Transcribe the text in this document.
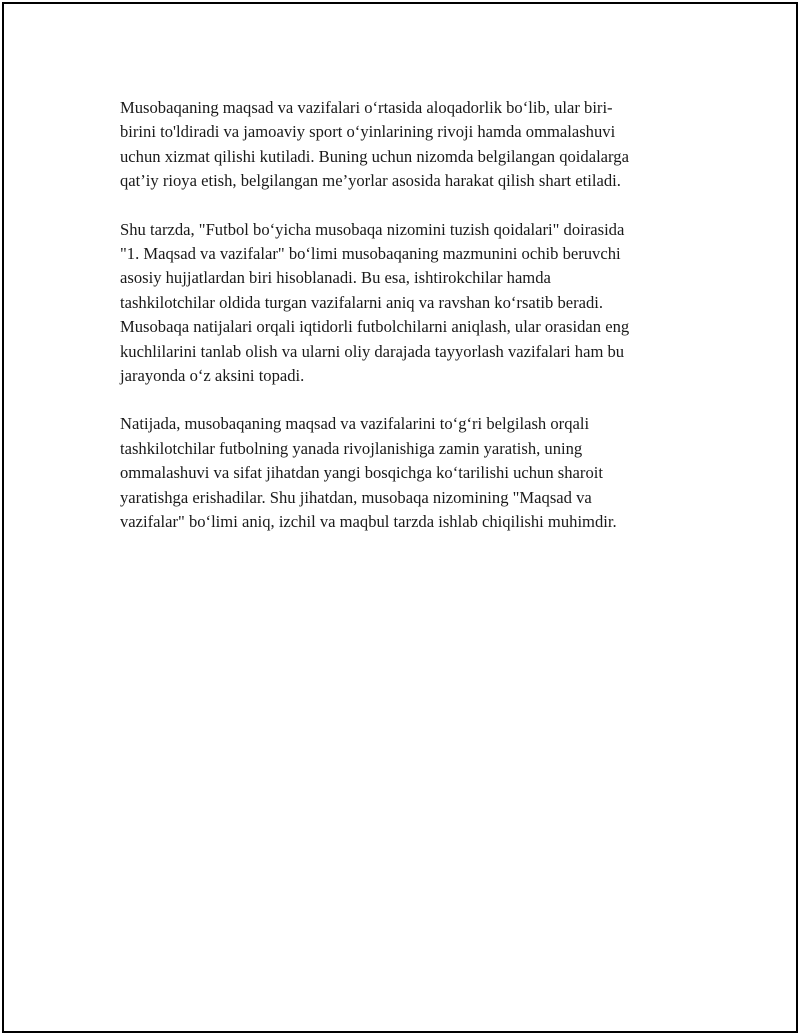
Musobaqaning maqsad va vazifalari o‘rtasida aloqadorlik bo‘lib, ular biri-
birini to'ldiradi va jamoaviy sport o‘yinlarining rivoji hamda ommalashuvi
uchun xizmat qilishi kutiladi. Buning uchun nizomda belgilangan qoidalarga
qat’iy rioya etish, belgilangan me’yorlar asosida harakat qilish shart etiladi.

Shu tarzda, "Futbol bo‘yicha musobaqa nizomini tuzish qoidalari" doirasida
"1. Maqsad va vazifalar" bo‘limi musobaqaning mazmunini ochib beruvchi
asosiy hujjatlardan biri hisoblanadi. Bu esa, ishtirokchilar hamda
tashkilotchilar oldida turgan vazifalarni aniq va ravshan ko‘rsatib beradi.
Musobaqa natijalari orqali iqtidorli futbolchilarni aniqlash, ular orasidan eng
kuchlilarini tanlab olish va ularni oliy darajada tayyorlash vazifalari ham bu
jarayonda o‘z aksini topadi.

Natijada, musobaqaning maqsad va vazifalarini to‘g‘ri belgilash orqali
tashkilotchilar futbolning yanada rivojlanishiga zamin yaratish, uning
ommalashuvi va sifat jihatdan yangi bosqichga ko‘tarilishi uchun sharoit
yaratishga erishadilar. Shu jihatdan, musobaqa nizomining "Maqsad va
vazifalar" bo‘limi aniq, izchil va maqbul tarzda ishlab chiqilishi muhimdir.
